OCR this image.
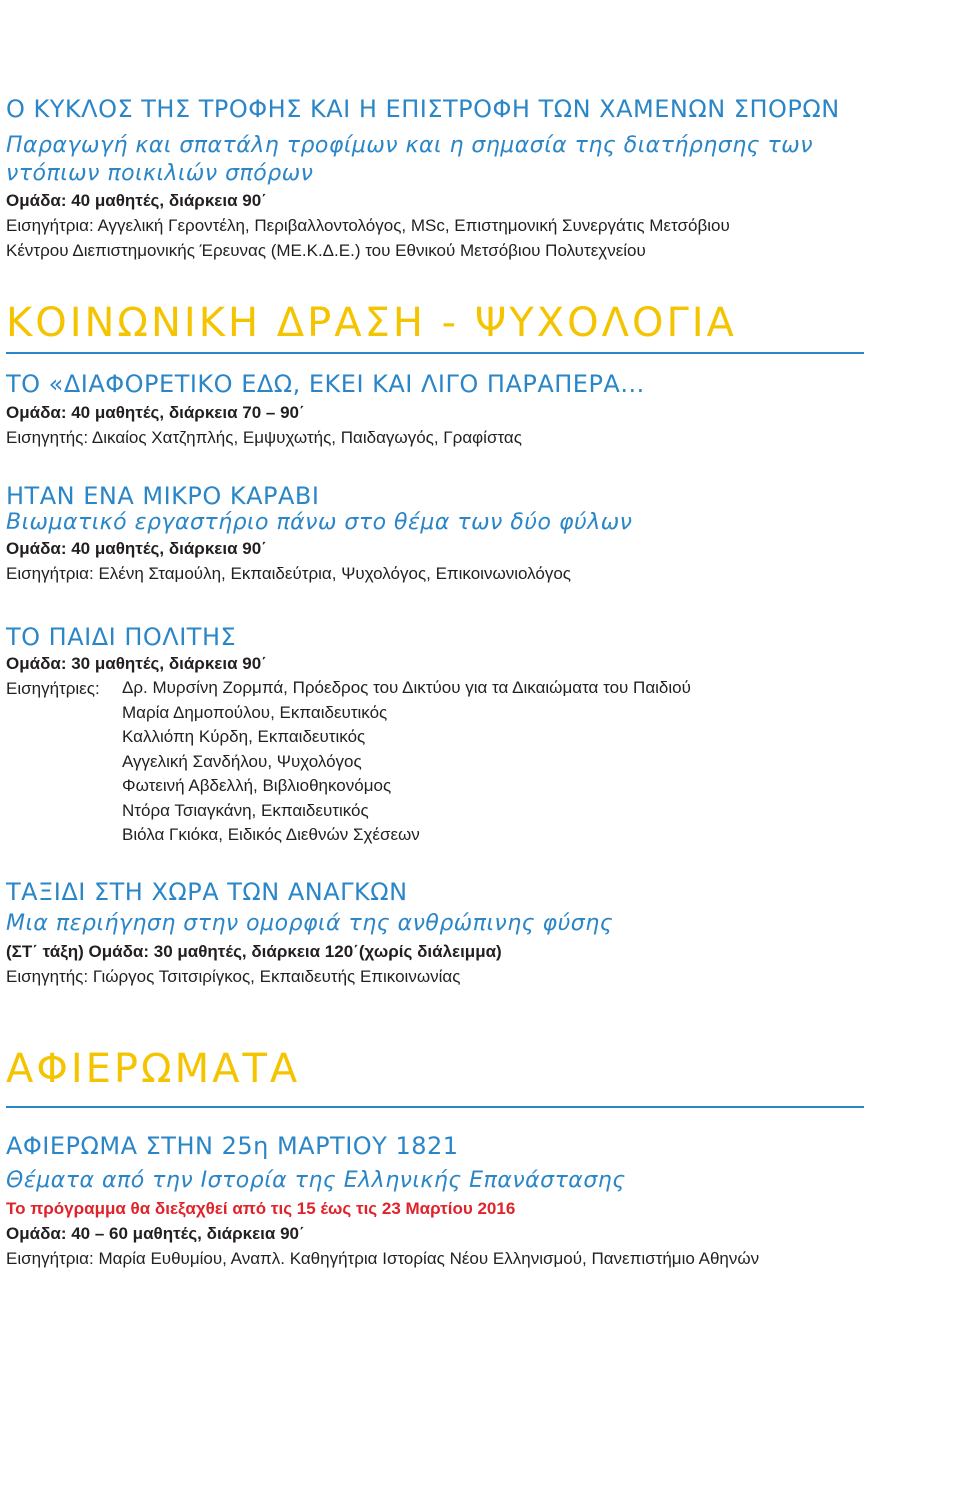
Ο ΚΥΚΛΟΣ ΤΗΣ ΤΡΟΦΗΣ ΚΑΙ Η ΕΠΙΣΤΡΟΦΗ ΤΩΝ ΧΑΜΕΝΩΝ ΣΠΟΡΩΝ
Παραγωγή και σπατάλη τροφίμων και η σημασία της διατήρησης των
ντόπιων ποικιλιών σπόρων
Ομάδα: 40 μαθητές, διάρκεια 90΄
Εισηγήτρια: Αγγελική Γεροντέλη, Περιβαλλοντολόγος, MSc, Επιστημονική Συνεργάτις Μετσόβιου
Κέντρου Διεπιστημονικής Έρευνας (ΜΕ.Κ.Δ.Ε.) του Εθνικού Μετσόβιου Πολυτεχνείου
ΚΟΙΝΩΝΙΚΗ ΔΡΑΣΗ - ΨΥΧΟΛΟΓΙΑ
ΤΟ «ΔΙΑΦΟΡΕΤΙΚΟ ΕΔΩ, ΕΚΕΙ ΚΑΙ ΛΙΓΟ ΠΑΡΑΠΕΡΑ...
Ομάδα: 40 μαθητές, διάρκεια 70 – 90΄
Εισηγητής: Δικαίος Χατζηπλής, Εμψυχωτής, Παιδαγωγός, Γραφίστας
ΗΤΑΝ ΕΝΑ ΜΙΚΡΟ ΚΑΡΑΒΙ
Βιωματικό εργαστήριο πάνω στο θέμα των δύο φύλων
Ομάδα: 40 μαθητές, διάρκεια 90΄
Εισηγήτρια: Ελένη Σταμούλη, Εκπαιδεύτρια, Ψυχολόγος, Επικοινωνιολόγος
ΤΟ ΠΑΙΔΙ ΠΟΛΙΤΗΣ
Ομάδα: 30 μαθητές, διάρκεια 90΄
Εισηγήτριες: Δρ. Μυρσίνη Ζορμπά, Πρόεδρος του Δικτύου για τα Δικαιώματα του Παιδιού
Μαρία Δημοπούλου, Εκπαιδευτικός
Καλλιόπη Κύρδη, Εκπαιδευτικός
Αγγελική Σανδήλου, Ψυχολόγος
Φωτεινή Αβδελλή, Βιβλιοθηκονόμος
Ντόρα Τσιαγκάνη, Εκπαιδευτικός
Βιόλα Γκιόκα, Ειδικός Διεθνών Σχέσεων
ΤΑΞΙΔΙ ΣΤΗ ΧΩΡΑ ΤΩΝ ΑΝΑΓΚΩΝ
Μια περιήγηση στην ομορφιά της ανθρώπινης φύσης
(ΣΤ΄ τάξη) Ομάδα: 30 μαθητές, διάρκεια 120΄(χωρίς διάλειμμα)
Εισηγητής: Γιώργος Τσιτσιρίγκος, Εκπαιδευτής Επικοινωνίας
ΑΦΙΕΡΩΜΑΤΑ
ΑΦΙΕΡΩΜΑ ΣΤΗΝ 25η ΜΑΡΤΙΟΥ 1821
Θέματα από την Ιστορία της Ελληνικής Επανάστασης
Το πρόγραμμα θα διεξαχθεί από τις 15 έως τις 23 Μαρτίου 2016
Ομάδα: 40 – 60 μαθητές, διάρκεια 90΄
Εισηγήτρια: Μαρία Ευθυμίου, Αναπλ. Καθηγήτρια Ιστορίας Νέου Ελληνισμού, Πανεπιστήμιο Αθηνών
